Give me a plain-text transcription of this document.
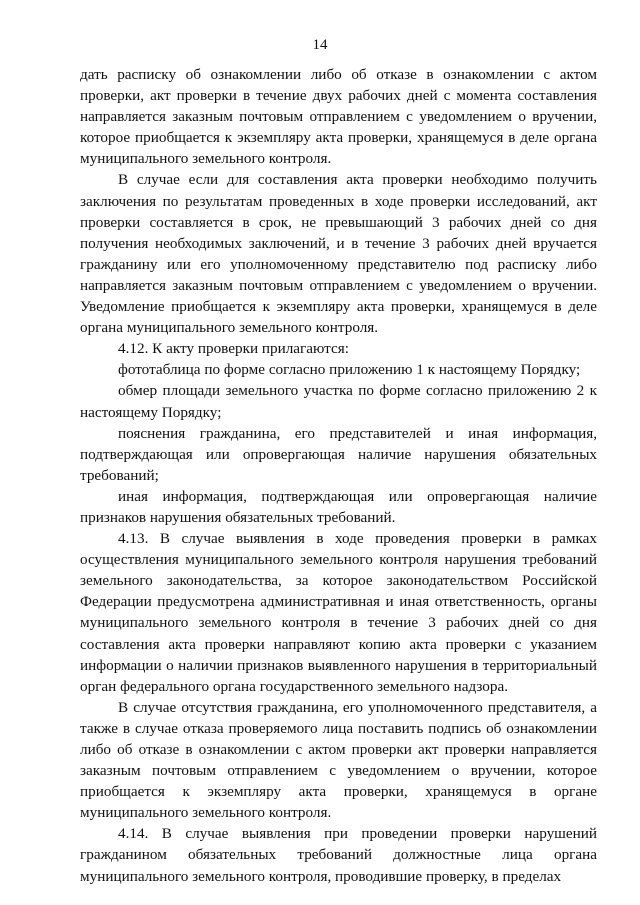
14

дать расписку об ознакомлении либо об отказе в ознакомлении с актом проверки, акт проверки в течение двух рабочих дней с момента составления направляется заказным почтовым отправлением с уведомлением о вручении, которое приобщается к экземпляру акта проверки, хранящемуся в деле органа муниципального земельного контроля.

В случае если для составления акта проверки необходимо получить заключения по результатам проведенных в ходе проверки исследований, акт проверки составляется в срок, не превышающий 3 рабочих дней со дня получения необходимых заключений, и в течение 3 рабочих дней вручается гражданину или его уполномоченному представителю под расписку либо направляется заказным почтовым отправлением с уведомлением о вручении. Уведомление приобщается к экземпляру акта проверки, хранящемуся в деле органа муниципального земельного контроля.

4.12. К акту проверки прилагаются:

фототаблица по форме согласно приложению 1 к настоящему Порядку;

обмер площади земельного участка по форме согласно приложению 2 к настоящему Порядку;

пояснения гражданина, его представителей и иная информация, подтверждающая или опровергающая наличие нарушения обязательных требований;

иная информация, подтверждающая или опровергающая наличие признаков нарушения обязательных требований.

4.13. В случае выявления в ходе проведения проверки в рамках осуществления муниципального земельного контроля нарушения требований земельного законодательства, за которое законодательством Российской Федерации предусмотрена административная и иная ответственность, органы муниципального земельного контроля в течение 3 рабочих дней со дня составления акта проверки направляют копию акта проверки с указанием информации о наличии признаков выявленного нарушения в территориальный орган федерального органа государственного земельного надзора.

В случае отсутствия гражданина, его уполномоченного представителя, а также в случае отказа проверяемого лица поставить подпись об ознакомлении либо об отказе в ознакомлении с актом проверки акт проверки направляется заказным почтовым отправлением с уведомлением о вручении, которое приобщается к экземпляру акта проверки, хранящемуся в органе муниципального земельного контроля.

4.14. В случае выявления при проведении проверки нарушений гражданином обязательных требований должностные лица органа муниципального земельного контроля, проводившие проверку, в пределах
